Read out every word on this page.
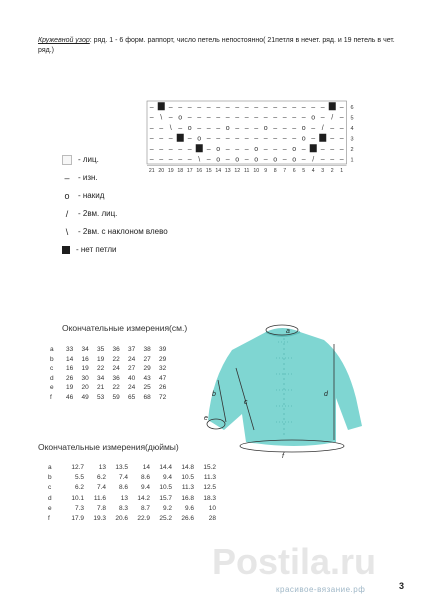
Кружевной узор: ряд. 1 - 6 форм. раппорт, число петель непостоянно( 21петля в нечет. ряд. и 19 петель в чет. ряд.)
– – – – – – – – – – – – – – – – – – –
– \ – o – – – – – – – – – – – – – o – / –
– – \ – o – – – o – – – o – – – o – / – –
– – – – o – – – – – – – – – – o – – –
– – – – – – o – – – o – – – o – – – –
– – – – – \ – o – o – o – o – o – / – – –
6
5
4
3
2
1
21 20 19 18 17 16 15 14 13 12 11 10 9 8 7 6 5 4 3 2 1
- лиц.
–	- изн.
o	- накид
/	- 2вм. лиц.
\	- 2вм. с наклоном влево
- нет петли
Окончательные измерения(см.)
a	33	34	35	36	37	38	39
b	14	16	19	22	24	27	29
c	16	19	22	24	27	29	32
d	26	30	34	36	40	43	47
e	19	20	21	22	24	25	26
f	46	49	53	59	65	68	72
Окончательные измерения(дюймы)
a	12.7	13	13.5	14	14.4	14.8	15.2
b	5.5	6.2	7.4	8.6	9.4	10.5	11.3
c	6.2	7.4	8.6	9.4	10.5	11.3	12.5
d	10.1	11.6	13	14.2	15.7	16.8	18.3
e	7.3	7.8	8.3	8.7	9.2	9.6	10
f	17.9	19.3	20.6	22.9	25.2	26.6	28
a
b
c
d
e
f
Postila.ru
красивое-вязание.рф	3
